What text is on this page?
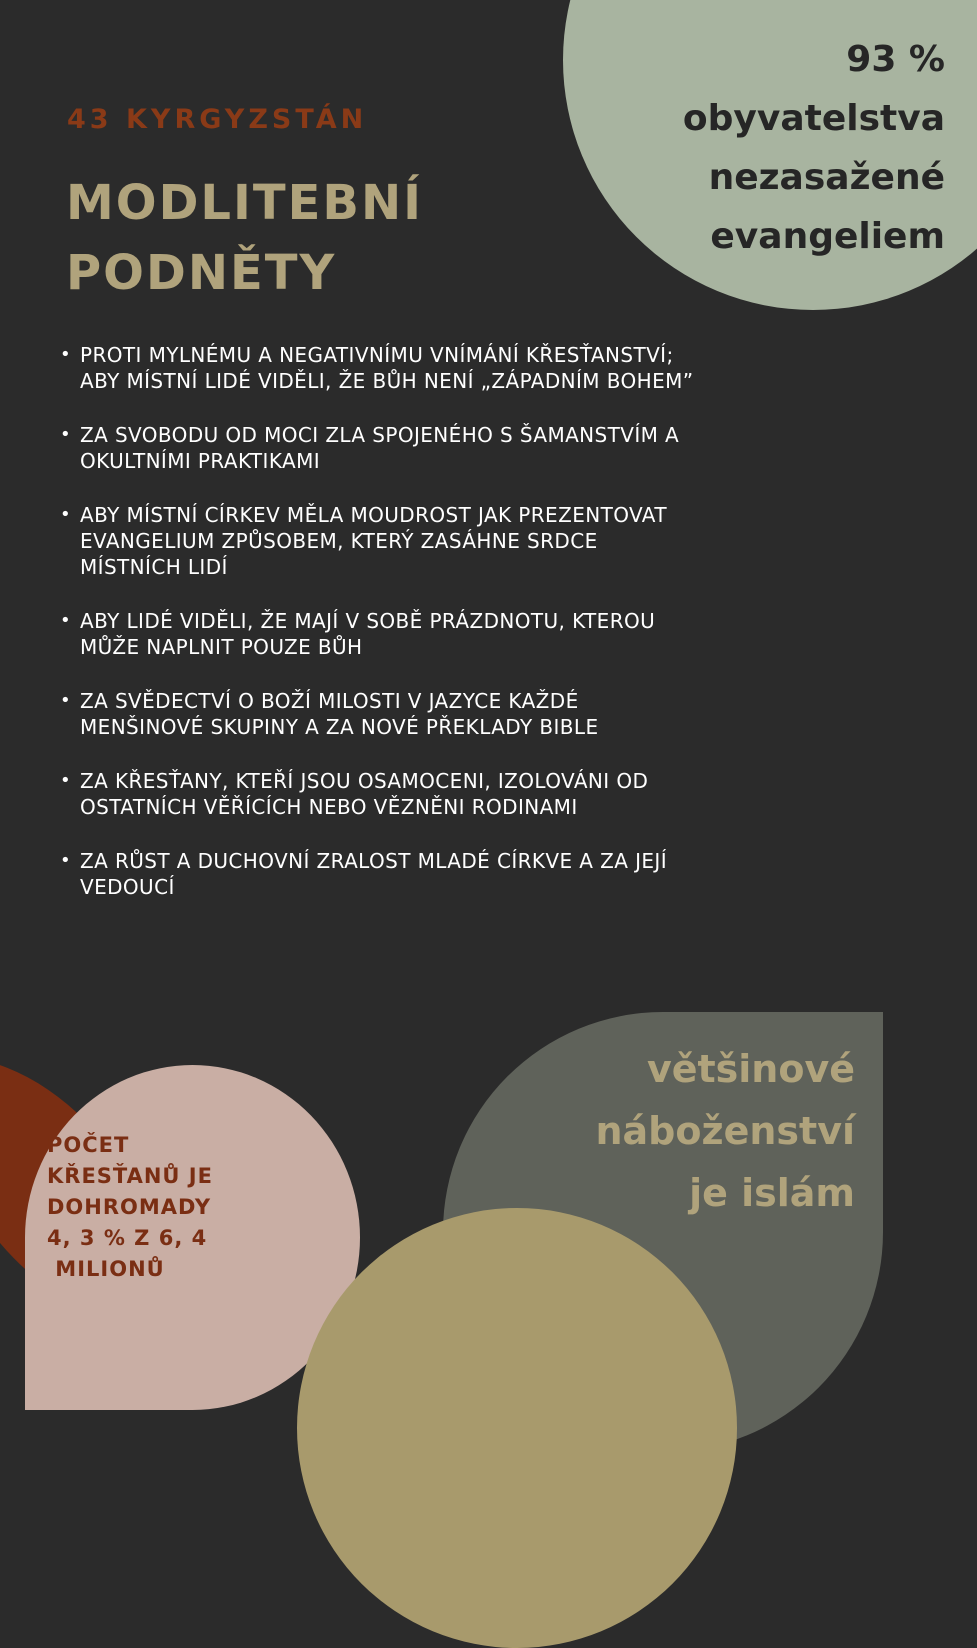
43 KYRGYZSTÁN

MODLITEBNÍ
PODNĚTY
93 %
obyvatelstva
nezasažené
evangeliem
• PROTI MYLNÉMU A NEGATIVNÍMU VNÍMÁNÍ KŘESŤANSTVÍ;
ABY MÍSTNÍ LIDÉ VIDĚLI, ŽE BŮH NENÍ „ZÁPADNÍM BOHEM”
• ZA SVOBODU OD MOCI ZLA SPOJENÉHO S ŠAMANSTVÍM A
OKULTNÍMI PRAKTIKAMI
• ABY MÍSTNÍ CÍRKEV MĚLA MOUDROST JAK PREZENTOVAT
EVANGELIUM ZPŮSOBEM, KTERÝ ZASÁHNE SRDCE
MÍSTNÍCH LIDÍ
• ABY LIDÉ VIDĚLI, ŽE MAJÍ V SOBĚ PRÁZDNOTU, KTEROU
MŮŽE NAPLNIT POUZE BŮH
• ZA SVĚDECTVÍ O BOŽÍ MILOSTI V JAZYCE KAŽDÉ
MENŠINOVÉ SKUPINY A ZA NOVÉ PŘEKLADY BIBLE
• ZA KŘESŤANY, KTEŘÍ JSOU OSAMOCENI, IZOLOVÁNI OD
OSTATNÍCH VĚŘÍCÍCH NEBO VĚZNĚNI RODINAMI
• ZA RŮST A DUCHOVNÍ ZRALOST MLADÉ CÍRKVE A ZA JEJÍ
VEDOUCÍ
POČET
KŘESŤANŮ JE
DOHROMADY
4, 3 % Z 6, 4
MILIONŮ
většinové
náboženství
je islám
